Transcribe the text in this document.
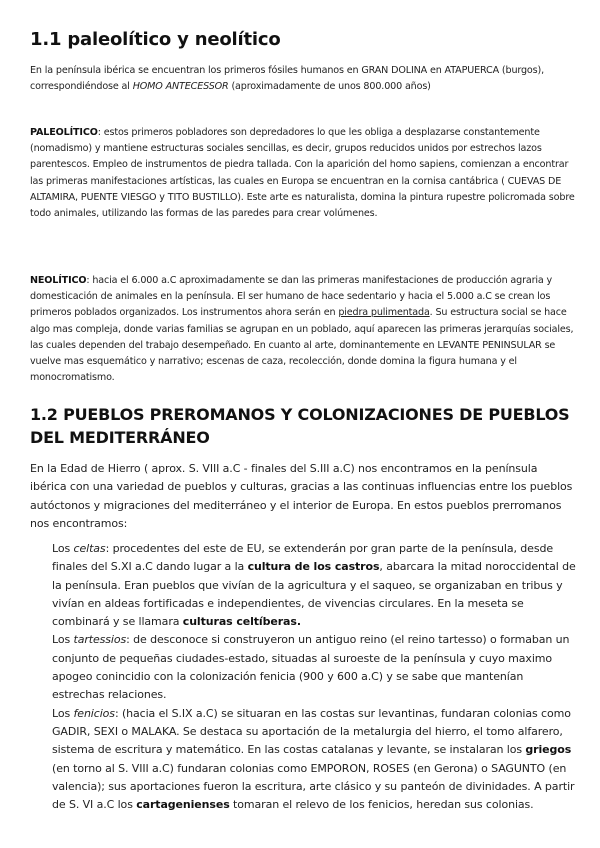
1.1 paleolítico y neolítico

En la península ibérica se encuentran los primeros fósiles humanos en GRAN DOLINA en ATAPUERCA (burgos), correspondiéndose al HOMO ANTECESSOR (aproximadamente de unos 800.000 años)

PALEOLÍTICO: estos primeros pobladores son depredadores lo que les obliga a desplazarse constantemente (nomadismo) y mantiene estructuras sociales sencillas, es decir, grupos reducidos unidos por estrechos lazos parentescos. Empleo de instrumentos de piedra tallada. Con la aparición del homo sapiens, comienzan a encontrar las primeras manifestaciones artísticas, las cuales en Europa se encuentran en la cornisa cantábrica ( CUEVAS DE ALTAMIRA, PUENTE VIESGO y TITO BUSTILLO). Este arte es naturalista, domina la pintura rupestre policromada sobre todo animales, utilizando las formas de las paredes para crear volúmenes.

NEOLÍTICO: hacia el 6.000 a.C aproximadamente se dan las primeras manifestaciones de producción agraria y domesticación de animales en la península. El ser humano de hace sedentario y hacia el 5.000 a.C se crean los primeros poblados organizados. Los instrumentos ahora serán en piedra pulimentada. Su estructura social se hace algo mas compleja, donde varias familias se agrupan en un poblado, aquí aparecen las primeras jerarquías sociales, las cuales dependen del trabajo desempeñado. En cuanto al arte, dominantemente en LEVANTE PENINSULAR se vuelve mas esquemático y narrativo; escenas de caza, recolección, donde domina la figura humana y el monocromatismo.

1.2 PUEBLOS PREROMANOS Y COLONIZACIONES DE PUEBLOS DEL MEDITERRÁNEO

En la Edad de Hierro ( aprox. S. VIII a.C - finales del S.III a.C) nos encontramos en la península ibérica con una variedad de pueblos y culturas, gracias a las continuas influencias entre los pueblos autóctonos y migraciones del mediterráneo y el interior de Europa. En estos pueblos prerromanos nos encontramos:

Los celtas: procedentes del este de EU, se extenderán por gran parte de la península, desde finales del S.XI a.C dando lugar a la cultura de los castros, abarcara la mitad noroccidental de la península. Eran pueblos que vivían de la agricultura y el saqueo, se organizaban en tribus y vivían en aldeas fortificadas e independientes, de vivencias circulares. En la meseta se combinará y se llamara culturas celtíberas.

Los tartessios: de desconoce si construyeron un antiguo reino (el reino tartesso) o formaban un conjunto de pequeñas ciudades-estado, situadas al suroeste de la península y cuyo maximo apogeo conincidio con la colonización fenicia (900 y 600 a.C) y se sabe que mantenían estrechas relaciones.

Los fenicios: (hacia el S.IX a.C) se situaran en las costas sur levantinas, fundaran colonias como GADIR, SEXI o MALAKA. Se destaca su aportación de la metalurgia del hierro, el tomo alfarero, sistema de escritura y matemático. En las costas catalanas y levante, se instalaran los griegos (en torno al S. VIII a.C) fundaran colonias como EMPORON, ROSES (en Gerona) o SAGUNTO (en valencia); sus aportaciones fueron la escritura, arte clásico y su panteón de divinidades. A partir de S. VI a.C los cartagenienses tomaran el relevo de los fenicios, heredan sus colonias.
